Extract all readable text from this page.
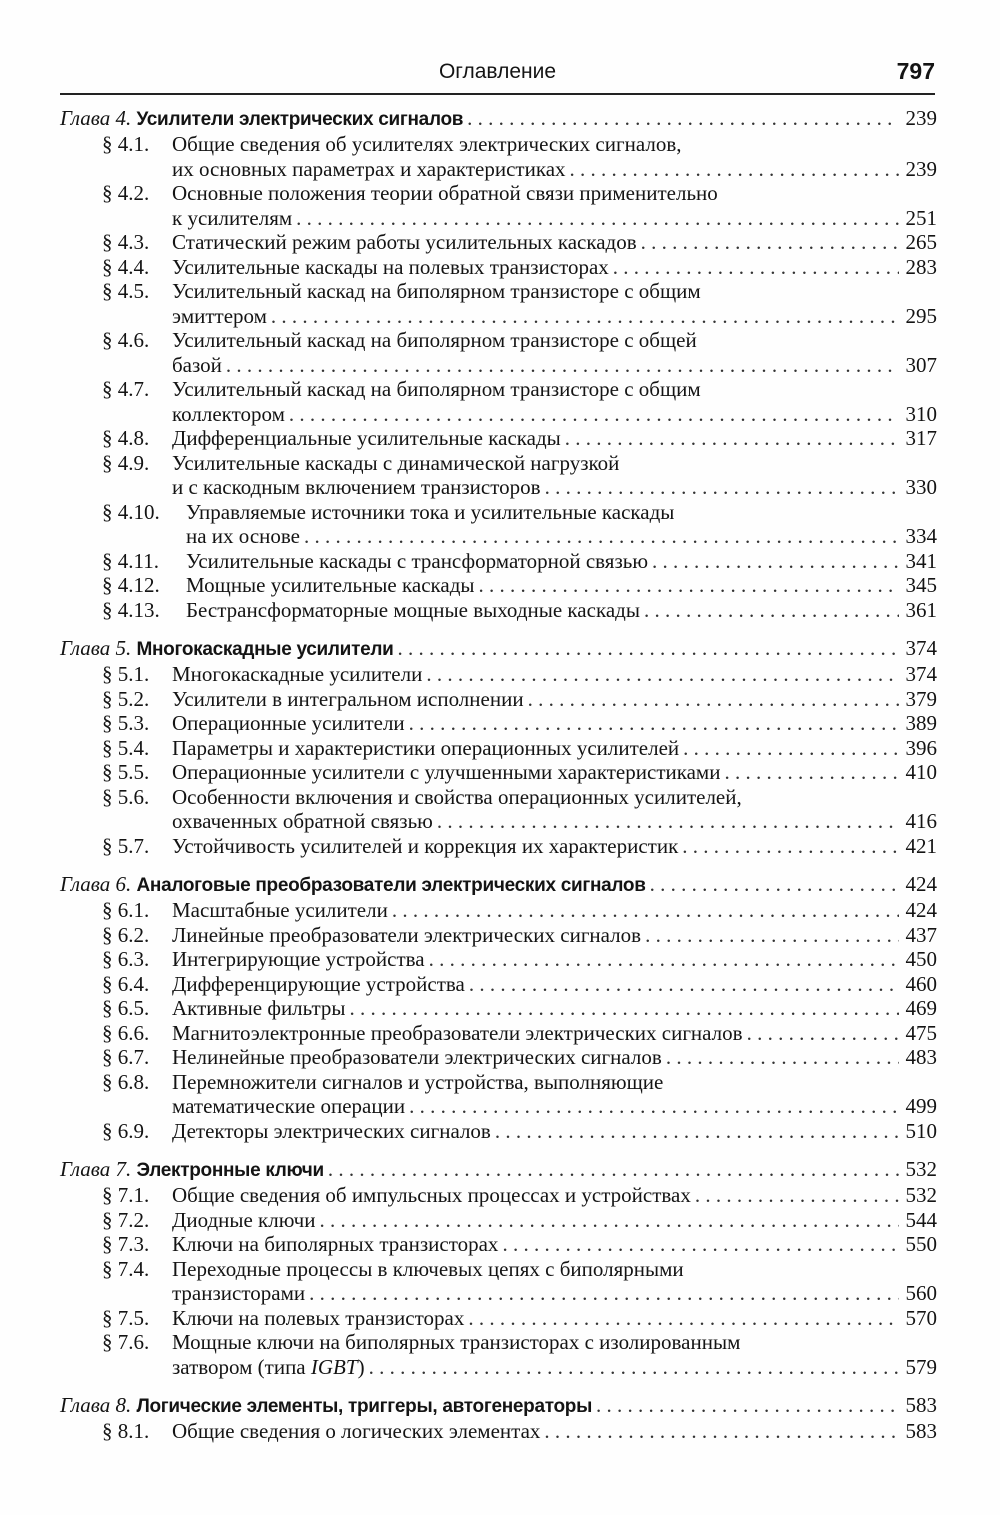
Оглавление	797
Глава 4. Усилители электрических сигналов . . .	239
§ 4.1. Общие сведения об усилителях электрических сигналов,
их основных параметрах и характеристиках . . .	239
§ 4.2. Основные положения теории обратной связи применительно
к усилителям . . .	251
§ 4.3. Статический режим работы усилительных каскадов . . .	265
§ 4.4. Усилительные каскады на полевых транзисторах . . .	283
§ 4.5. Усилительный каскад на биполярном транзисторе с общим
эмиттером . . .	295
§ 4.6. Усилительный каскад на биполярном транзисторе с общей
базой . . .	307
§ 4.7. Усилительный каскад на биполярном транзисторе с общим
коллектором . . .	310
§ 4.8. Дифференциальные усилительные каскады . . .	317
§ 4.9. Усилительные каскады с динамической нагрузкой
и с каскодным включением транзисторов . . .	330
§ 4.10. Управляемые источники тока и усилительные каскады
на их основе . . .	334
§ 4.11. Усилительные каскады с трансформаторной связью . . .	341
§ 4.12. Мощные усилительные каскады . . .	345
§ 4.13. Бестрансформаторные мощные выходные каскады . . .	361
Глава 5. Многокаскадные усилители . . .	374
§ 5.1. Многокаскадные усилители . . .	374
§ 5.2. Усилители в интегральном исполнении . . .	379
§ 5.3. Операционные усилители . . .	389
§ 5.4. Параметры и характеристики операционных усилителей . . .	396
§ 5.5. Операционные усилители с улучшенными характеристиками . . .	410
§ 5.6. Особенности включения и свойства операционных усилителей,
охваченных обратной связью . . .	416
§ 5.7. Устойчивость усилителей и коррекция их характеристик . . .	421
Глава 6. Аналоговые преобразователи электрических сигналов . . .	424
§ 6.1. Масштабные усилители . . .	424
§ 6.2. Линейные преобразователи электрических сигналов . . .	437
§ 6.3. Интегрирующие устройства . . .	450
§ 6.4. Дифференцирующие устройства . . .	460
§ 6.5. Активные фильтры . . .	469
§ 6.6. Магнитоэлектронные преобразователи электрических сигналов . . .	475
§ 6.7. Нелинейные преобразователи электрических сигналов . . .	483
§ 6.8. Перемножители сигналов и устройства, выполняющие
математические операции . . .	499
§ 6.9. Детекторы электрических сигналов . . .	510
Глава 7. Электронные ключи . . .	532
§ 7.1. Общие сведения об импульсных процессах и устройствах . . .	532
§ 7.2. Диодные ключи . . .	544
§ 7.3. Ключи на биполярных транзисторах . . .	550
§ 7.4. Переходные процессы в ключевых цепях с биполярными
транзисторами . . .	560
§ 7.5. Ключи на полевых транзисторах . . .	570
§ 7.6. Мощные ключи на биполярных транзисторах с изолированным
затвором (типа IGBT) . . .	579
Глава 8. Логические элементы, триггеры, автогенераторы . . .	583
§ 8.1. Общие сведения о логических элементах . . .	583
